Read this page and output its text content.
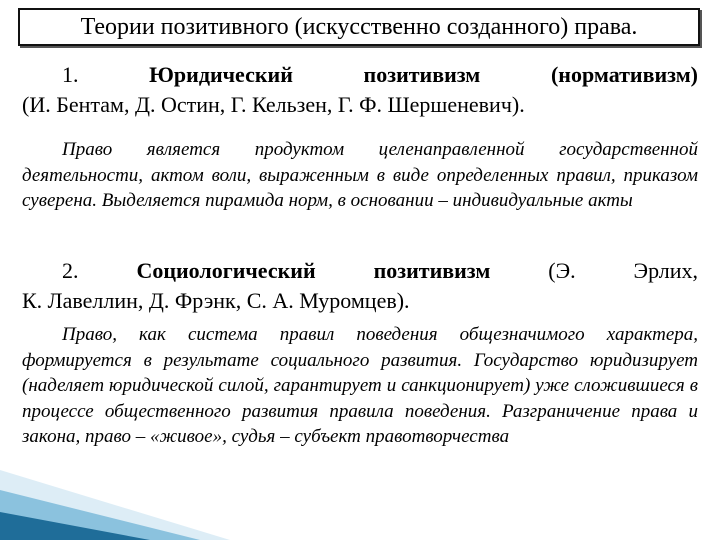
Теории позитивного (искусственно созданного) права.
1.	Юридический	позитивизм	(нормативизм)
(И. Бентам, Д. Остин, Г. Кельзен, Г. Ф. Шершеневич).
Право является продуктом целенаправленной государственной деятельности, актом воли, выраженным в виде определенных правил, приказом суверена. Выделяется пирамида норм, в основании – индивидуальные акты
2.	Социологический	позитивизм	(Э. Эрлих,
К. Лавеллин, Д. Фрэнк, С. А. Муромцев).
Право, как система правил поведения общезначимого характера, формируется в результате социального развития. Государство юридизирует (наделяет юридической силой, гарантирует и санкционирует) уже сложившиеся в процессе общественного развития правила поведения. Разграничение права и закона, право – «живое», судья – субъект правотворчества
